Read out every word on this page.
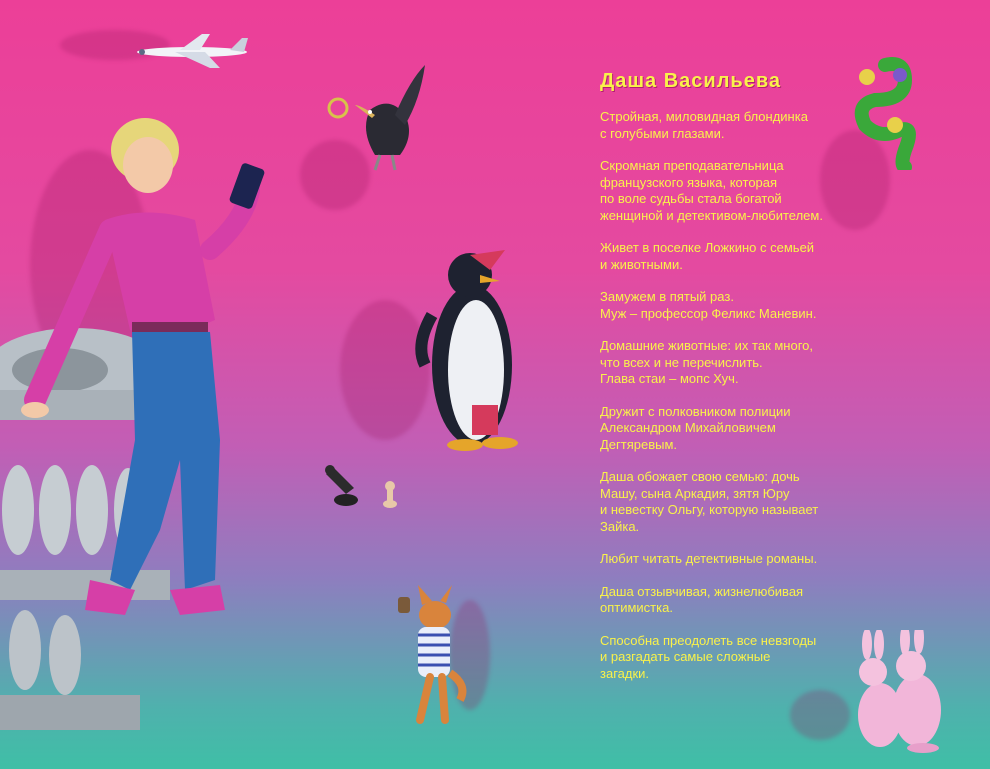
Даша Васильева

Стройная, миловидная блондинка
с голубыми глазами.

Скромная преподавательница
французского языка, которая
по воле судьбы стала богатой
женщиной и детективом-любителем.

Живет в поселке Ложкино с семьей
и животными.

Замужем в пятый раз.
Муж – профессор Феликс Маневин.

Домашние животные: их так много,
что всех и не перечислить.
Глава стаи – мопс Хуч.

Дружит с полковником полиции
Александром Михайловичем
Дегтяревым.

Даша обожает свою семью: дочь
Машу, сына Аркадия, зятя Юру
и невестку Ольгу, которую называет
Зайка.

Любит читать детективные романы.

Даша отзывчивая, жизнелюбивая
оптимистка.

Способна преодолеть все невзгоды
и разгадать самые сложные
загадки.
